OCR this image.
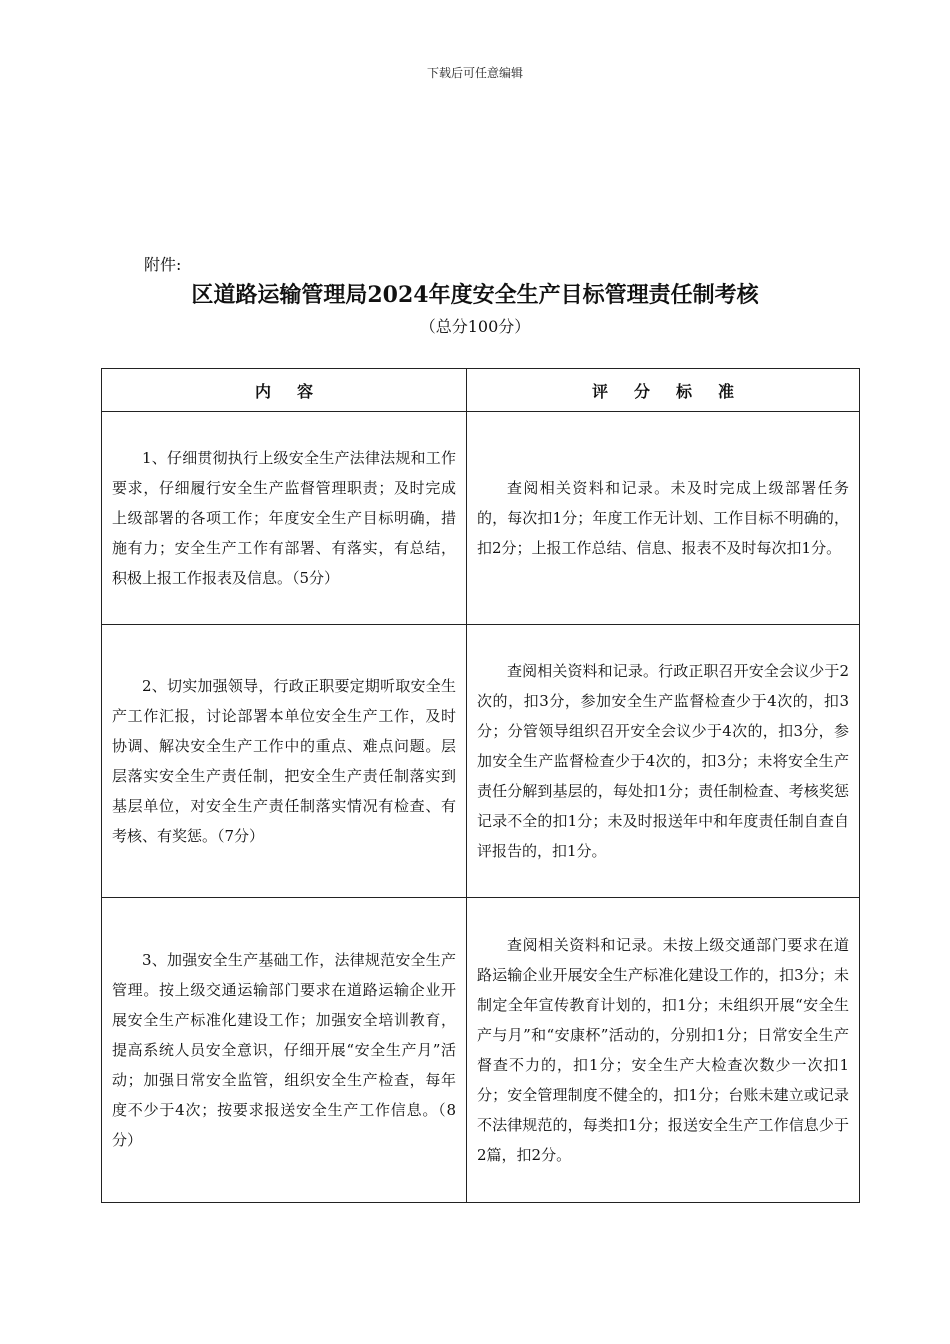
下载后可任意编辑
附件:
区道路运输管理局2024年度安全生产目标管理责任制考核
（总分100分）
内容	评分标准

1、仔细贯彻执行上级安全生产法律法规和工作要求，仔细履行安全生产监督管理职责；及时完成上级部署的各项工作；年度安全生产目标明确，措施有力；安全生产工作有部署、有落实，有总结，积极上报工作报表及信息。（5分）	查阅相关资料和记录。未及时完成上级部署任务的，每次扣1分；年度工作无计划、工作目标不明确的，扣2分；上报工作总结、信息、报表不及时每次扣1分。

2、切实加强领导，行政正职要定期听取安全生产工作汇报，讨论部署本单位安全生产工作，及时协调、解决安全生产工作中的重点、难点问题。层层落实安全生产责任制，把安全生产责任制落实到基层单位，对安全生产责任制落实情况有检查、有考核、有奖惩。（7分）	查阅相关资料和记录。行政正职召开安全会议少于2次的，扣3分，参加安全生产监督检查少于4次的，扣3分；分管领导组织召开安全会议少于4次的，扣3分，参加安全生产监督检查少于4次的，扣3分；未将安全生产责任分解到基层的，每处扣1分；责任制检查、考核奖惩记录不全的扣1分；未及时报送年中和年度责任制自查自评报告的，扣1分。

3、加强安全生产基础工作，法律规范安全生产管理。按上级交通运输部门要求在道路运输企业开展安全生产标准化建设工作；加强安全培训教育，提高系统人员安全意识，仔细开展“安全生产月”活动；加强日常安全监管，组织安全生产检查，每年度不少于4次；按要求报送安全生产工作信息。（8分）	查阅相关资料和记录。未按上级交通部门要求在道路运输企业开展安全生产标准化建设工作的，扣3分；未制定全年宣传教育计划的，扣1分；未组织开展“安全生产与月”和“安康杯”活动的，分别扣1分；日常安全生产督查不力的，扣1分；安全生产大检查次数少一次扣1分；安全管理制度不健全的，扣1分；台账未建立或记录不法律规范的，每类扣1分；报送安全生产工作信息少于2篇，扣2分。
